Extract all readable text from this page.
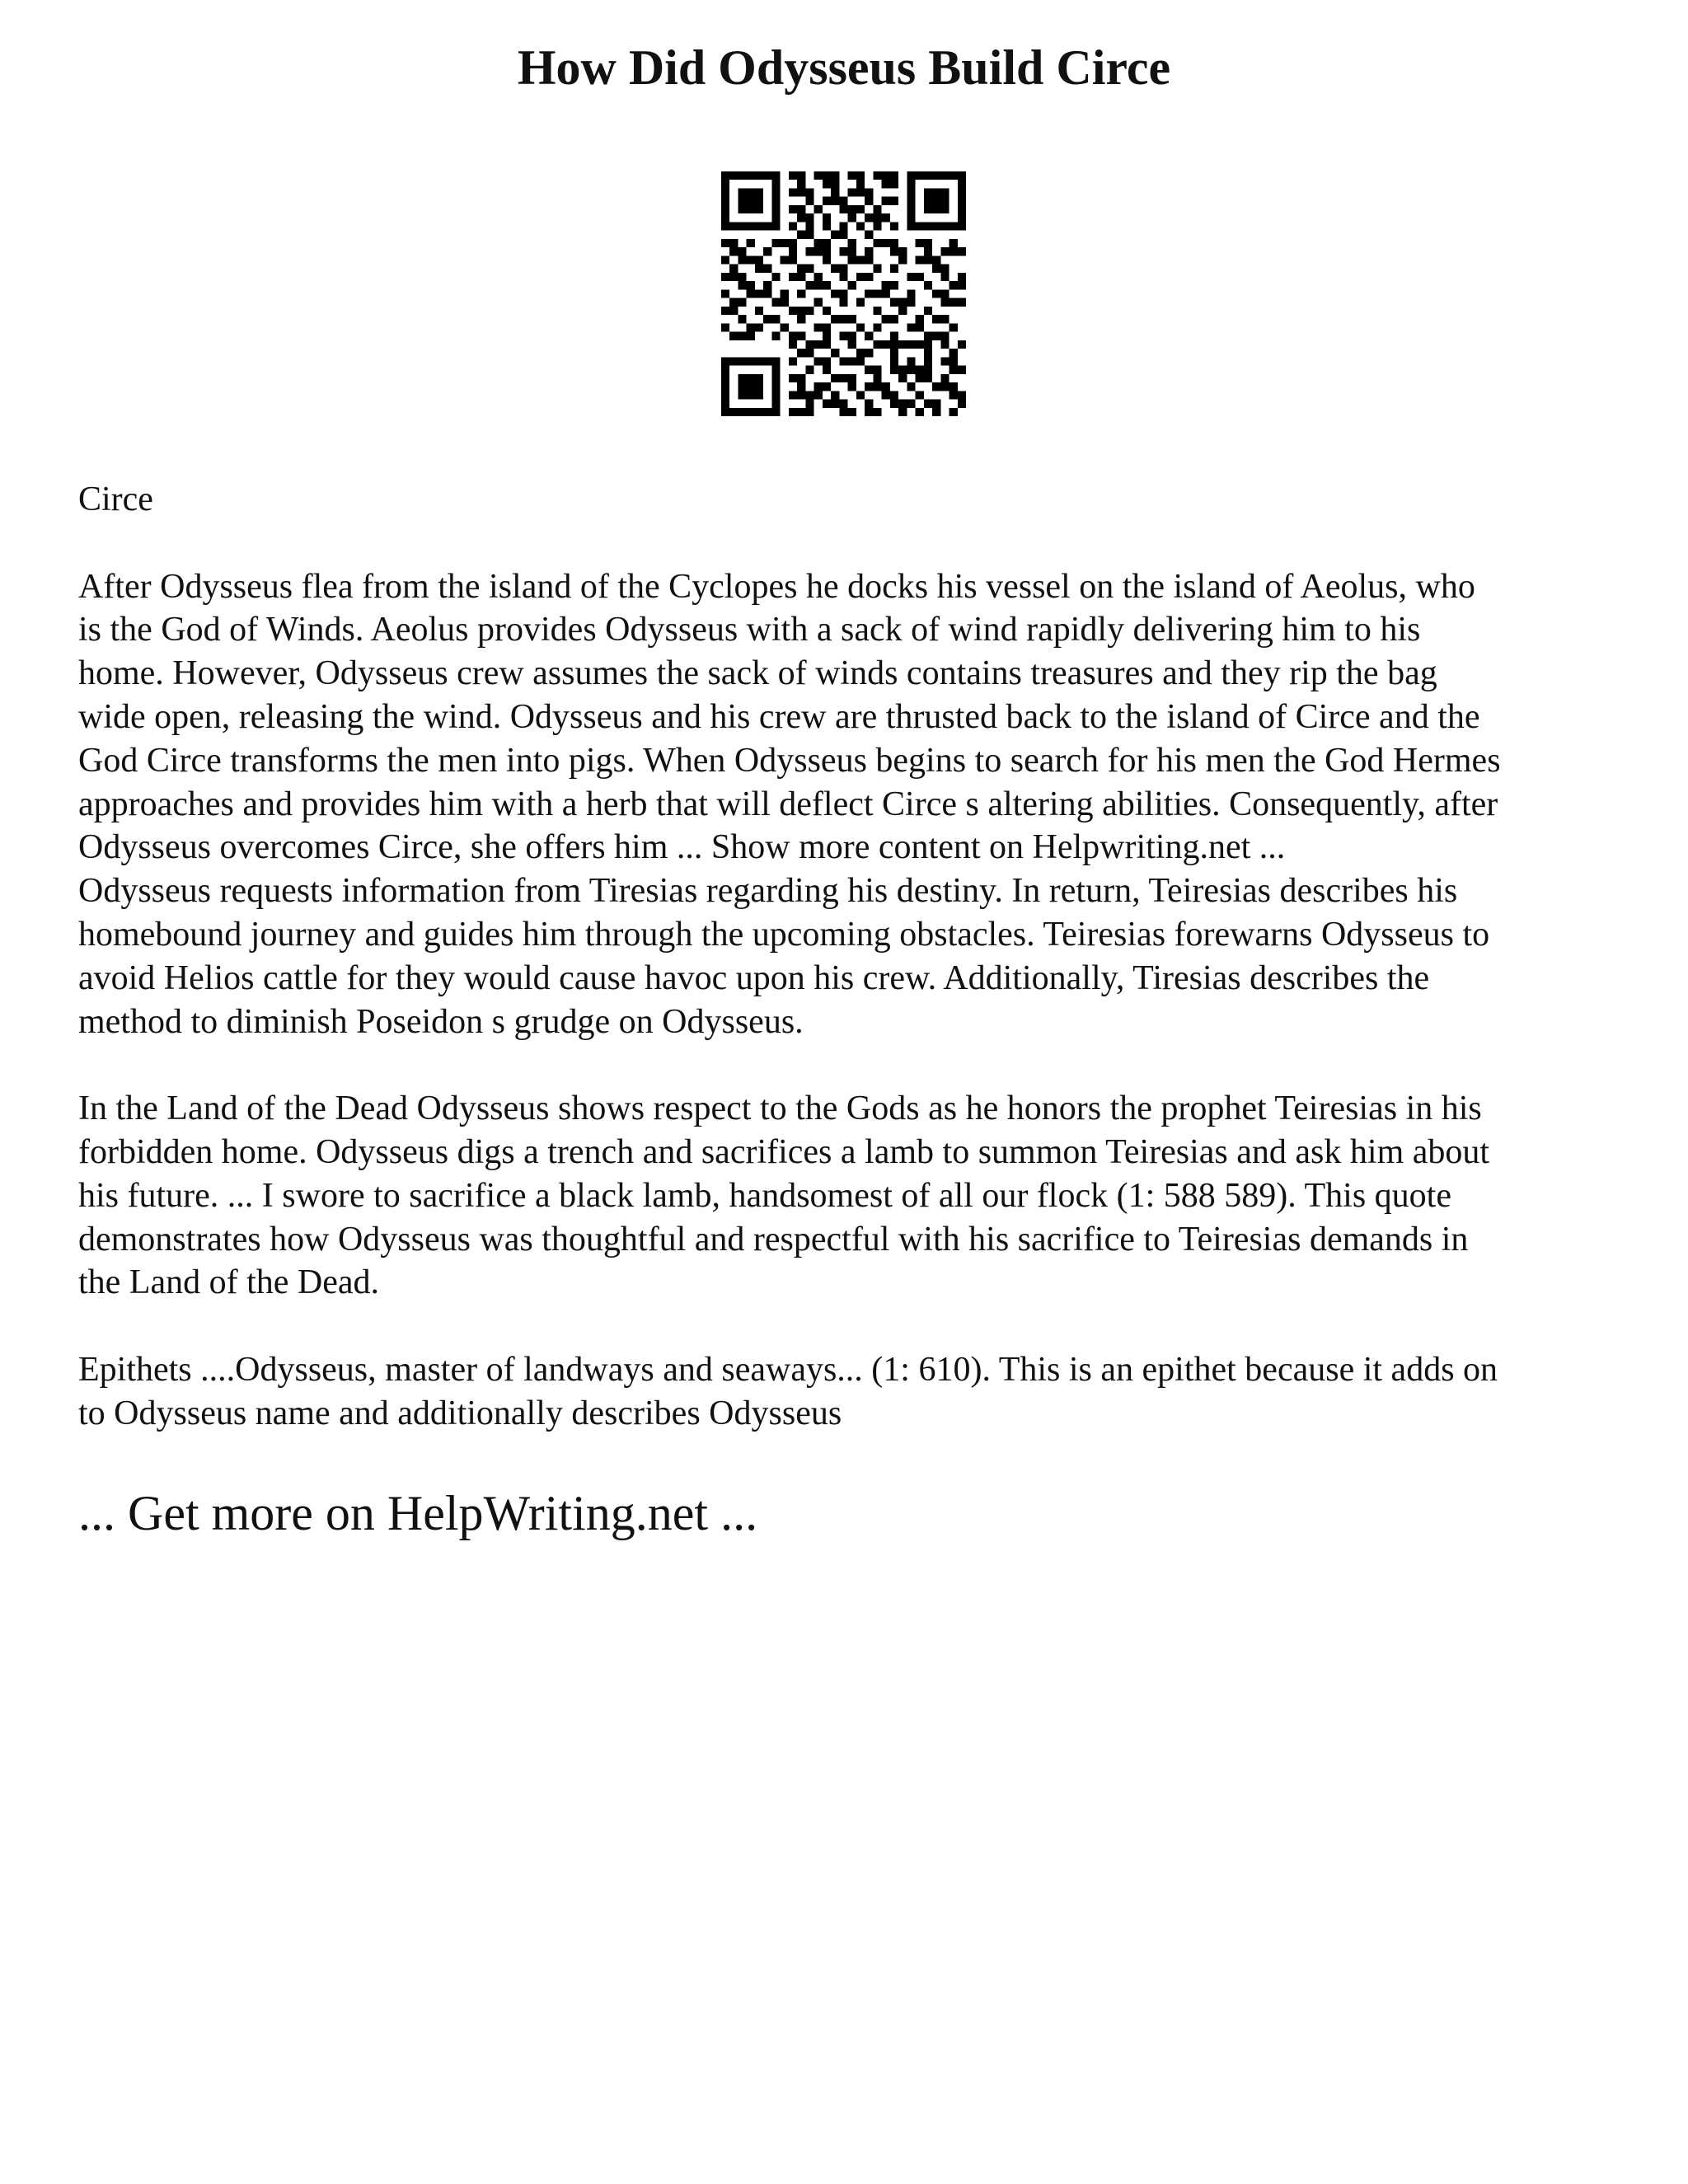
How Did Odysseus Build Circe

Circe

After Odysseus flea from the island of the Cyclopes he docks his vessel on the island of Aeolus, who

is the God of Winds. Aeolus provides Odysseus with a sack of wind rapidly delivering him to his

home. However, Odysseus crew assumes the sack of winds contains treasures and they rip the bag

wide open, releasing the wind. Odysseus and his crew are thrusted back to the island of Circe and the

God Circe transforms the men into pigs. When Odysseus begins to search for his men the God Hermes

approaches and provides him with a herb that will deflect Circe s altering abilities. Consequently, after

Odysseus overcomes Circe, she offers him ... Show more content on Helpwriting.net ...

Odysseus requests information from Tiresias regarding his destiny. In return, Teiresias describes his

homebound journey and guides him through the upcoming obstacles. Teiresias forewarns Odysseus to

avoid Helios cattle for they would cause havoc upon his crew. Additionally, Tiresias describes the

method to diminish Poseidon s grudge on Odysseus.

In the Land of the Dead Odysseus shows respect to the Gods as he honors the prophet Teiresias in his

forbidden home. Odysseus digs a trench and sacrifices a lamb to summon Teiresias and ask him about

his future. ... I swore to sacrifice a black lamb, handsomest of all our flock (1: 588 589). This quote

demonstrates how Odysseus was thoughtful and respectful with his sacrifice to Teiresias demands in

the Land of the Dead.

Epithets ....Odysseus, master of landways and seaways... (1: 610). This is an epithet because it adds on

to Odysseus name and additionally describes Odysseus

... Get more on HelpWriting.net ...
